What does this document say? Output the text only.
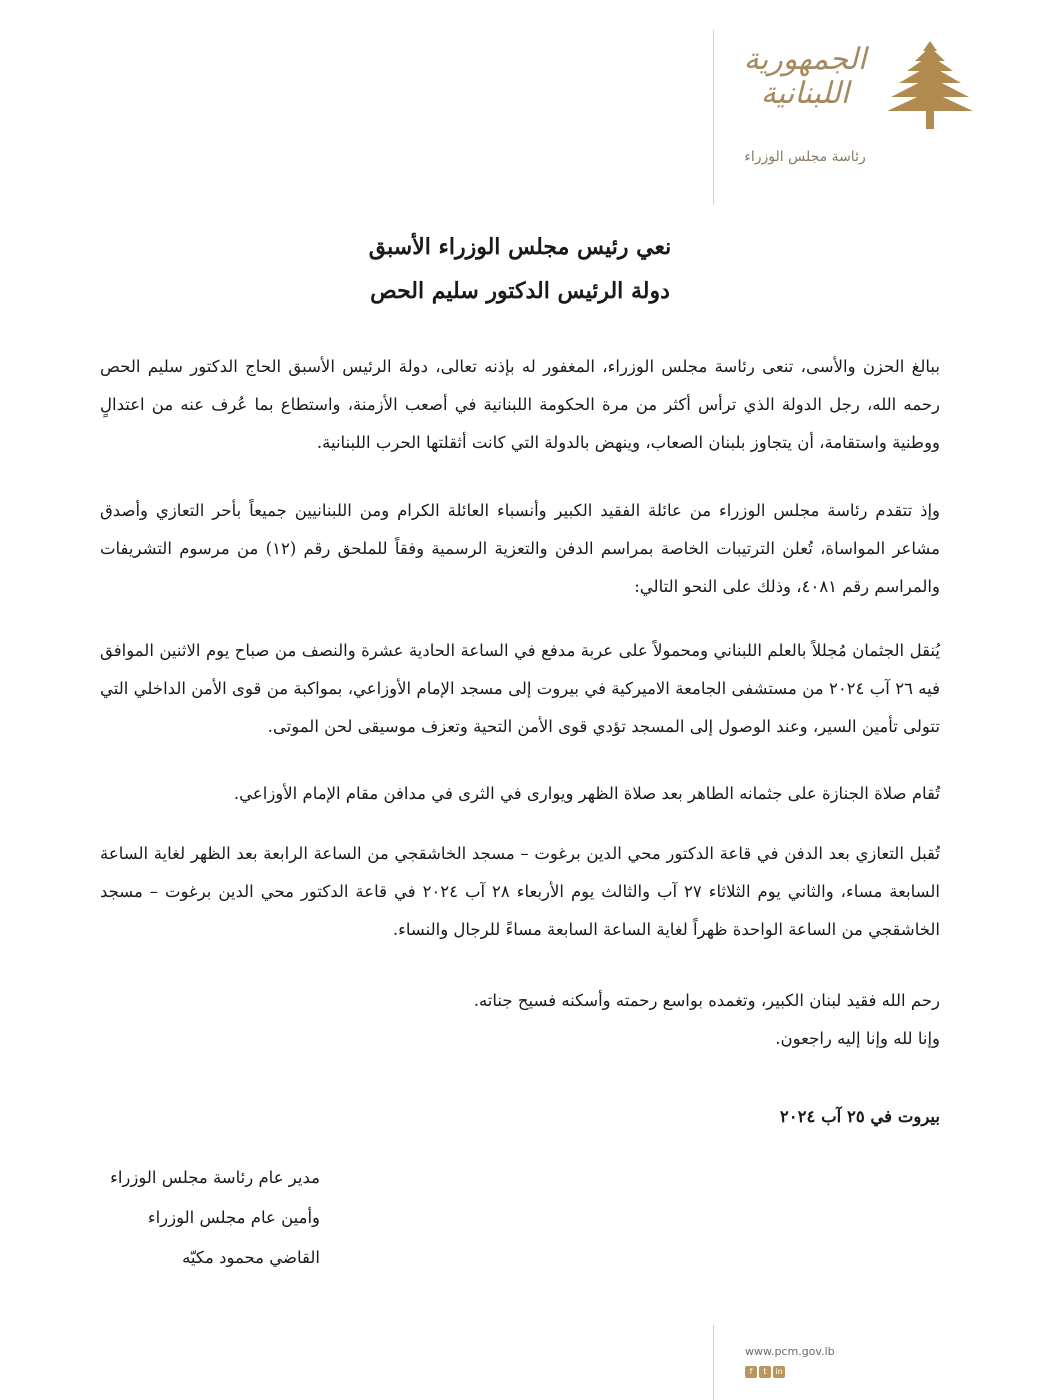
الجمهورية
اللبنانية
رئاسة مجلس الوزراء
نعي رئيس مجلس الوزراء الأسبق
دولة الرئيس الدكتور سليم الحص
ببالغ الحزن والأسى، تنعى رئاسة مجلس الوزراء، المغفور له بإذنه تعالى، دولة الرئيس الأسبق الحاج الدكتور سليم الحص رحمه الله، رجل الدولة الذي ترأس أكثر من مرة الحكومة اللبنانية في أصعب الأزمنة، واستطاع بما عُرف عنه من اعتدالٍ ووطنية واستقامة، أن يتجاوز بلبنان الصعاب، وينهض بالدولة التي كانت أثقلتها الحرب اللبنانية.
وإذ تتقدم رئاسة مجلس الوزراء من عائلة الفقيد الكبير وأنسباء العائلة الكرام ومن اللبنانيين جميعاً بأحر التعازي وأصدق مشاعر المواساة، تُعلن الترتيبات الخاصة بمراسم الدفن والتعزية الرسمية وفقاً للملحق رقم (١٢) من مرسوم التشريفات والمراسم رقم ٤٠٨١، وذلك على النحو التالي:
يُنقل الجثمان مُجللاً بالعلم اللبناني ومحمولاً على عربة مدفع في الساعة الحادية عشرة والنصف من صباح يوم الاثنين الموافق فيه ٢٦ آب ٢٠٢٤ من مستشفى الجامعة الاميركية في بيروت إلى مسجد الإمام الأوزاعي، بمواكبة من قوى الأمن الداخلي التي تتولى تأمين السير، وعند الوصول إلى المسجد تؤدي قوى الأمن التحية وتعزف موسيقى لحن الموتى.
تُقام صلاة الجنازة على جثمانه الطاهر بعد صلاة الظهر ويوارى في الثرى في مدافن مقام الإمام الأوزاعي.
تُقبل التعازي بعد الدفن في قاعة الدكتور محي الدين برغوت – مسجد الخاشقجي من الساعة الرابعة بعد الظهر لغاية الساعة السابعة مساء، والثاني يوم الثلاثاء ٢٧ آب والثالث يوم الأربعاء ٢٨ آب ٢٠٢٤ في قاعة الدكتور محي الدين برغوت – مسجد الخاشقجي من الساعة الواحدة ظهراً لغاية الساعة السابعة مساءً للرجال والنساء.
رحم الله فقيد لبنان الكبير، وتغمده بواسع رحمته وأسكنه فسيح جناته.
وإنا لله وإنا إليه راجعون.
بيروت في ٢٥ آب ٢٠٢٤
مدير عام رئاسة مجلس الوزراء
وأمين عام مجلس الوزراء
القاضي محمود مكيّه
www.pcm.gov.lb
f	t	in
